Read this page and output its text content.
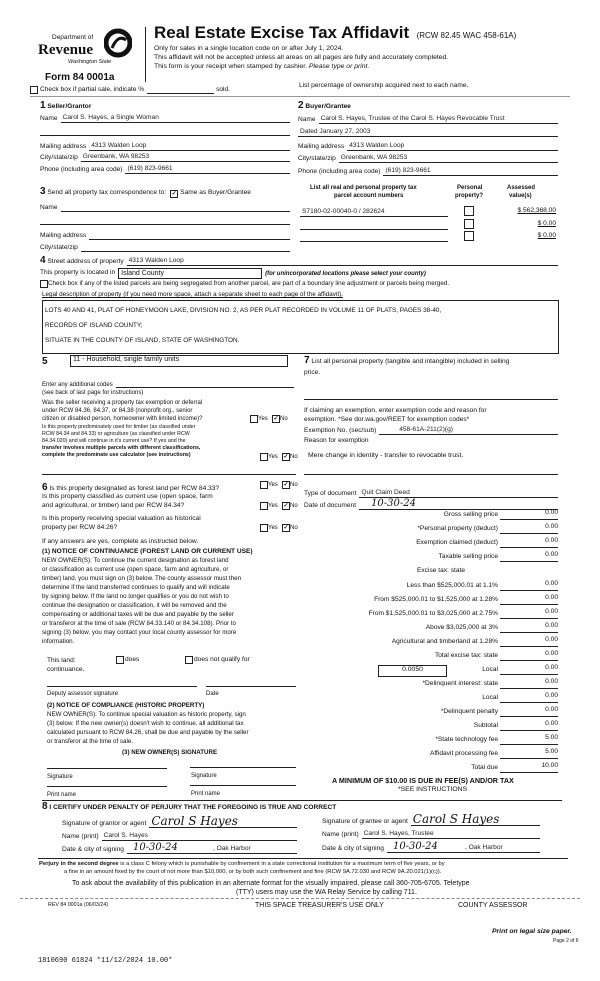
Department of
Revenue
Washington State
Form 84 0001a
Real Estate Excise Tax Affidavit (RCW 82.45 WAC 458-61A)
Only for sales in a single location code on or after July 1, 2024.
This affidavit will not be accepted unless all areas on all pages are fully and accurately completed.
This form is your receipt when stamped by cashier. Please type or print.
Check box if partial sale, indicate %	sold.
List percentage of ownership acquired next to each name.
1 Seller/Grantor
Name Carol S. Hayes, a Single Woman
Mailing address 4313 Walden Loop
City/state/zip Greenbank, WA 98253
Phone (including area code) (619) 823-9661
2 Buyer/Grantee
Name Carol S. Hayes, Trustee of the Carol S. Hayes Revocable Trust
Dated January 27, 2003
Mailing address 4313 Walden Loop
City/state/zip Greenbank, WA 98253
Phone (including area code) (619) 823-9661
3 Send all property tax correspondence to: ✓ Same as Buyer/Grantee
Name
Mailing address
City/state/zip
List all real and personal property tax
parcel account numbers
Personal
property?
Assessed
value(s)
S7180-02-00040-0 / 282624	$ 562,368.00
$ 0.00
$ 0.00
4 Street address of property 4313 Walden Loop
This property is located in Island County	(for unincorporated locations please select your county)
Check box if any of the listed parcels are being segregated from another parcel, are part of a boundary line adjustment or parcels being merged.
Legal description of property (if you need more space, attach a separate sheet to each page of the affidavit).
LOTS 40 AND 41, PLAT OF HONEYMOON LAKE, DIVISION NO. 2, AS PER PLAT RECORDED IN VOLUME 11 OF PLATS, PAGES 38-40,
RECORDS OF ISLAND COUNTY;
SITUATE IN THE COUNTY OF ISLAND, STATE OF WASHINGTON.
5	11 - Household, single family units
Enter any additional codes
(see back of last page for instructions)
Was the seller receiving a property tax exemption or deferral
under RCW 84.36, 84.37, or 84.38 (nonprofit org., senior
citizen or disabled person, homeowner with limited income)?	Yes ✓ No
Is this property predominately used for timber (as classified under
RCW 84.34 and 84.33) or agriculture (as classified under RCW
84.34.020) and will continue in it's current use? If yes and the
transfer involves multiple parcels with different classifications,
complete the predominate use calculator (see instructions)	Yes ✓ No
7 List all personal property (tangible and intangible) included in selling
price.
If claiming an exemption, enter exemption code and reason for
exemption. *See dor.wa.gov/REET for exemption codes*
Exemption No. (sec/sub)	458-61A-211(2)(g)
Reason for exemption
Mere change in identity - transfer to revocable trust.
Type of document Quit Claim Deed
Date of document 10-30-24
6 Is this property designated as forest land per RCW 84.33?	Yes ✓ No
Is this property classified as current use (open space, farm
and agricultural, or timber) land per RCW 84.34?	Yes ✓ No
Is this property receiving special valuation as historical
property per RCW 84.26?	Yes ✓ No
If any answers are yes, complete as instructed below.
(1) NOTICE OF CONTINUANCE (FOREST LAND OR CURRENT USE)
NEW OWNER(S): To continue the current designation as forest land
or classification as current use (open space, farm and agriculture, or
timber) land, you must sign on (3) below. The county assessor must then
determine if the land transferred continues to qualify and will indicate
by signing below. If the land no longer qualifies or you do not wish to
continue the designation or classification, it will be removed and the
compensating or additional taxes will be due and payable by the seller
or transferor at the time of sale (RCW 84.33.140 or 84.34.108). Prior to
signing (3) below, you may contact your local county assessor for more
information.
This land:
continuance.
does	does not qualify for
Deputy assessor signature	Date
(2) NOTICE OF COMPLIANCE (HISTORIC PROPERTY)
NEW OWNER(S): To continue special valuation as historic property, sign
(3) below. If the new owner(s) doesn't wish to continue, all additional tax
calculated pursuant to RCW 84.26, shall be due and payable by the seller
or transferor at the time of sale.
(3) NEW OWNER(S) SIGNATURE
Signature	Signature
Print name	Print name
Gross selling price	0.00
*Personal property (deduct)	0.00
Exemption claimed (deduct)	0.00
Taxable selling price	0.00
Excise tax: state
Less than $525,000.01 at 1.1%	0.00
From $525,000.01 to $1,525,000 at 1.28%	0.00
From $1,525,000.01 to $3,025,000 at 2.75%	0.00
Above $3,025,000 at 3%	0.00
Agricultural and timberland at 1.28%	0.00
Total excise tax: state	0.00
Local	0.00
*Delinquent interest: state	0.00
Local	0.00
*Delinquent penalty	0.00
Subtotal	0.00
*State technology fee	5.00
Affidavit processing fee	5.00
Total due	10.00
0.0050
A MINIMUM OF $10.00 IS DUE IN FEE(S) AND/OR TAX
*SEE INSTRUCTIONS
8 I CERTIFY UNDER PENALTY OF PERJURY THAT THE FOREGOING IS TRUE AND CORRECT
Signature of grantor or agent Carol S Hayes
Name (print) Carol S. Hayes
Date & city of signing 10-30-24	, Oak Harbor
Signature of grantee or agent Carol S Hayes
Name (print) Carol S. Hayes, Trustee
Date & city of signing 10-30-24	, Oak Harbor
Perjury in the second degree is a class C felony which is punishable by confinement in a state correctional institution for a maximum term of five years, or by
a fine in an amount fixed by the court of not more than $10,000, or by both such confinement and fine (RCW 9A.72.030 and RCW 9A.20.021(1)(c)).
To ask about the availability of this publication in an alternate format for the visually impaired, please call 360-705-6705. Teletype
(TTY) users may use the WA Relay Service by calling 711.
REV 84 0001a (06/03/24)	THIS SPACE TREASURER'S USE ONLY	COUNTY ASSESSOR
Print on legal size paper.
Page 2 of 6
1810690 61824 *11/12/2024 10.00*
